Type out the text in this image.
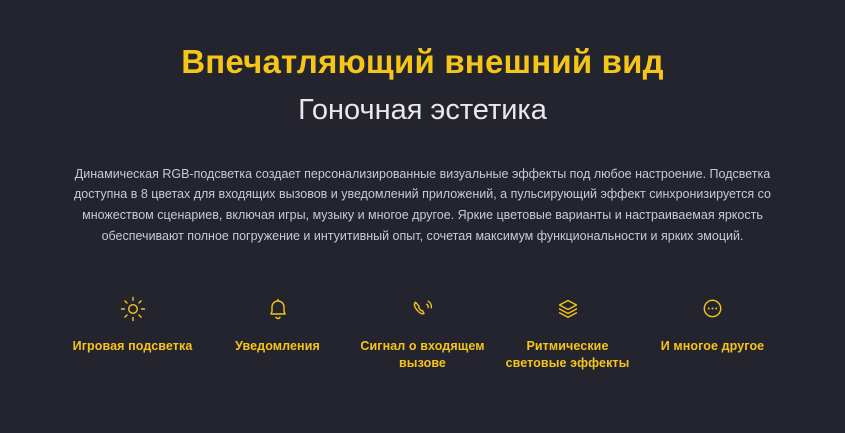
Впечатляющий внешний вид
Гоночная эстетика

Динамическая RGB-подсветка создает персонализированные визуальные эффекты под любое настроение. Подсветка доступна в 8 цветах для входящих вызовов и уведомлений приложений, а пульсирующий эффект синхронизируется со множеством сценариев, включая игры, музыку и многое другое. Яркие цветовые варианты и настраиваемая яркость обеспечивают полное погружение и интуитивный опыт, сочетая максимум функциональности и ярких эмоций.

Игровая подсветка	Уведомления	Сигнал о входящем вызове
Ритмические световые эффекты
И многое другое
